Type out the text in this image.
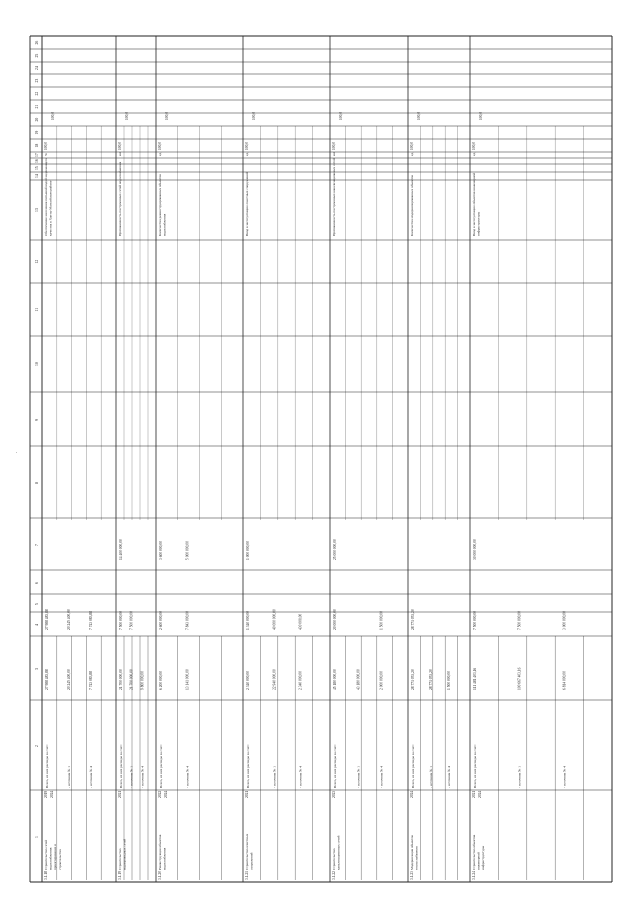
1
2
3
4
5
6
7
8
9
10
11
12
13
14
15
16
17
18
19
20
21
22
23
24
25
26
3.1.18
2019 2024
Строительство сетей водоснабжения: проектирование и строительство
Всего, из них расходы за счет:
27 988 483,88
27 988 483,88
- источник № 1
20 245 400,00
20 245 400,00
- источник № 4
7 743 083,88
7 743 083,88
Обеспечение населения питьевой водой надлежащего качества в Ханты-Мансийском районе
%
100,0
100,0
3.1.19
2021
Строительство водопроводных сетей
Всего, из них расходы за счет:
21 700 000,00
7 500 000,00
14 400 000,00
- источник № 1
21 700 000,00
7 500 000,00
- источник № 4
9 800 000,00
Протяженность построенных сетей водоснабжения
км
100,0
100,0
3.1.20
2022 2024
Реконструкция объектов водоснабжения
Всего, из них расходы за счет:
6 200 000,00
2 600 000,00
3 600 000,00
- источник № 4
13 141 000,00
7 843 000,00
5 000 000,00
Количество реконструированных объектов водоснабжения
ед.
100,0
100,0
3.1.21
2021
Строительство очистных сооружений
Всего, из них расходы за счет:
2 340 000,00
1 340 000,00
1 000 000,00
- источник № 1
22 940 000,00
40 000 000,00
- источник № 4
2 340 000,00
430 000,00
Ввод в эксплуатацию очистных сооружений
ед.
100,0
100,0
3.1.22
2023
Строительство канализационных сетей
Всего, из них расходы за счет:
45 180 000,00
20 000 000,00
25 000 000,00
- источник № 1
43 180 000,00
- источник № 4
2 000 000,00
1 500 000,00
Протяженность построенных канализационных сетей
км
100,0
100,0
3.1.23
2024
Модернизация объектов теплоснабжения
Всего, из них расходы за счет:
28 771 053,20
28 771 053,20
- источник № 1
28 771 053,20
- источник № 4
1 500 000,00
Количество модернизированных объектов
ед.
100,0
100,0
3.1.24
2021 2024
Строительство объектов инженерной инфраструктуры
Всего, из них расходы за счет:
111 481 403,16
7 500 000,00
30 000 000,00
- источник № 1
100 667 403,16
7 500 000,00
- источник № 4
6 814 000,00
3 000 000,00
Ввод в эксплуатацию объектов инженерной инфраструктуры
ед.
100,0
100,0
ﾞ
